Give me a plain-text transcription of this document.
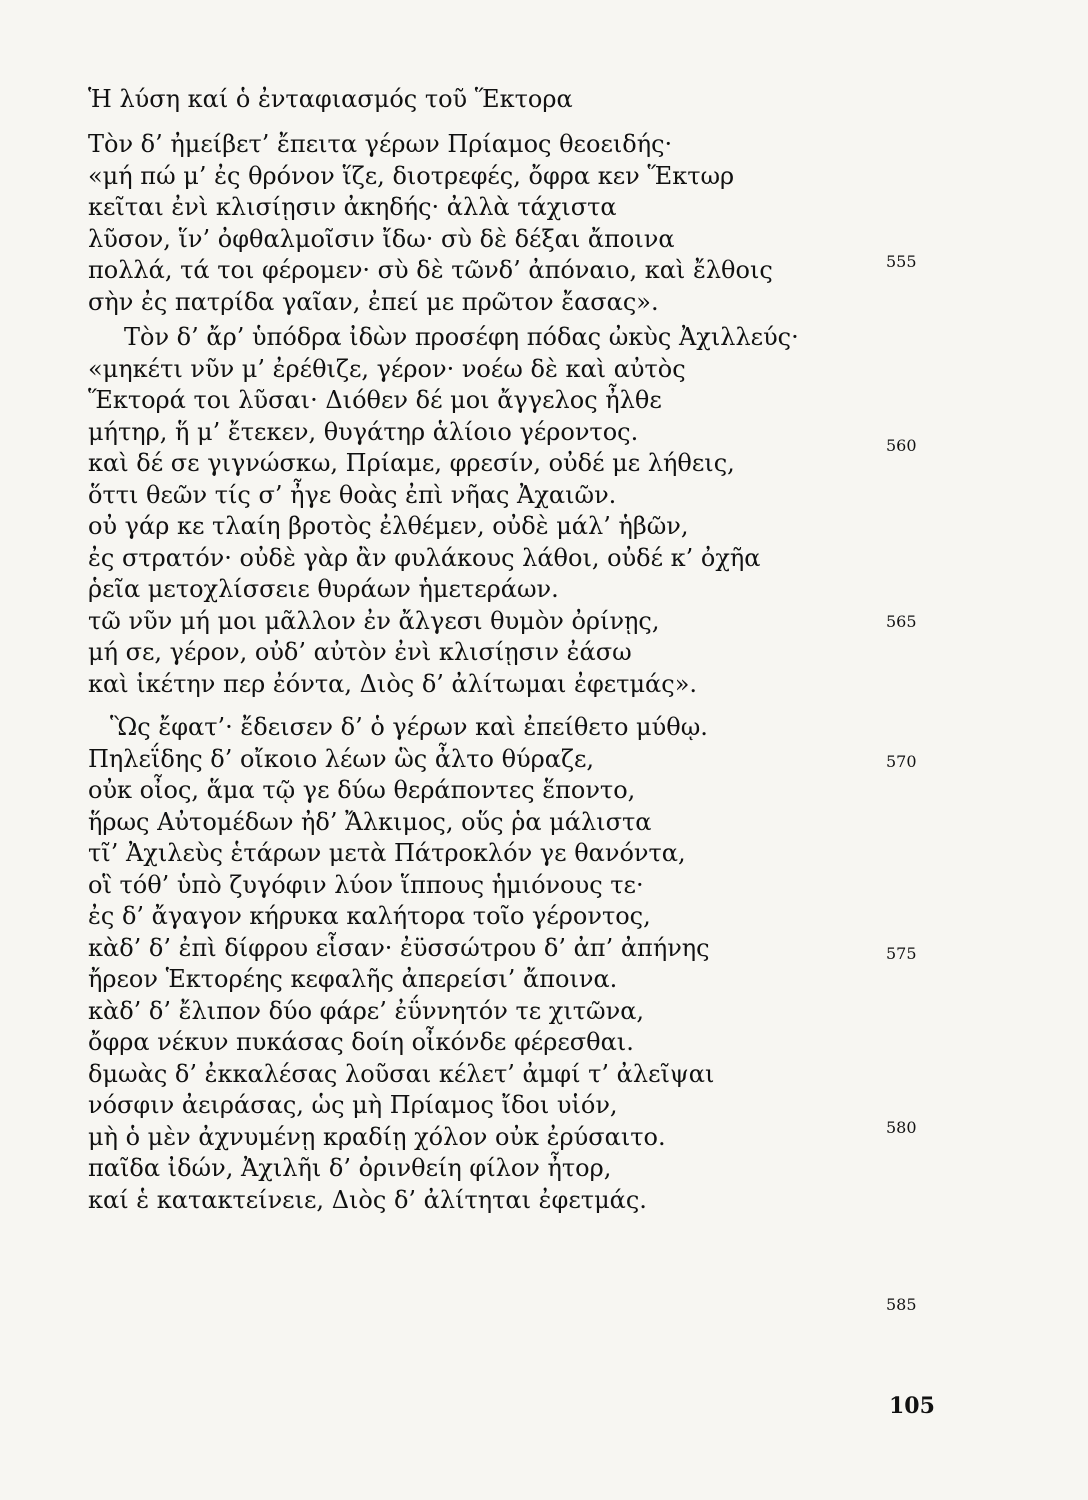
Ἡ λύση καί ὁ ἐνταφιασμός τοῦ Ἕκτορα
Τὸν δ’ ἠμείβετ’ ἔπειτα γέρων Πρίαμος θεοειδής·
«μή πώ μ’ ἐς θρόνον ἵζε, διοτρεφές, ὄφρα κεν Ἕκτωρ
κεῖται ἐνὶ κλισίῃσιν ἀκηδής· ἀλλὰ τάχιστα
λῦσον, ἵν’ ὀφθαλμοῖσιν ἴδω· σὺ δὲ δέξαι ἄποινα
πολλά, τά τοι φέρομεν· σὺ δὲ τῶνδ’ ἀπόναιο, καὶ ἔλθοις
σὴν ἐς πατρίδα γαῖαν, ἐπεί με πρῶτον ἔασας».
Τὸν δ’ ἄρ’ ὑπόδρα ἰδὼν προσέφη πόδας ὠκὺς Ἀχιλλεύς·
«μηκέτι νῦν μ’ ἐρέθιζε, γέρον· νοέω δὲ καὶ αὐτὸς
Ἕκτορά τοι λῦσαι· Διόθεν δέ μοι ἄγγελος ἦλθε
μήτηρ, ἥ μ’ ἔτεκεν, θυγάτηρ ἁλίοιο γέροντος.
καὶ δέ σε γιγνώσκω, Πρίαμε, φρεσίν, οὐδέ με λήθεις,
ὅττι θεῶν τίς σ’ ἦγε θοὰς ἐπὶ νῆας Ἀχαιῶν.
οὐ γάρ κε τλαίη βροτὸς ἐλθέμεν, οὐδὲ μάλ’ ἡβῶν,
ἐς στρατόν· οὐδὲ γὰρ ἂν φυλάκους λάθοι, οὐδέ κ’ ὀχῆα
ῥεῖα μετοχλίσσειε θυράων ἡμετεράων.
τῶ νῦν μή μοι μᾶλλον ἐν ἄλγεσι θυμὸν ὀρίνῃς,
μή σε, γέρον, οὐδ’ αὐτὸν ἐνὶ κλισίῃσιν ἐάσω
καὶ ἱκέτην περ ἐόντα, Διὸς δ’ ἀλίτωμαι ἐφετμάς».
Ὣς ἔφατ’· ἔδεισεν δ’ ὁ γέρων καὶ ἐπείθετο μύθῳ.
Πηλεΐδης δ’ οἴκοιο λέων ὣς ἆλτο θύραζε,
οὐκ οἶος, ἅμα τῷ γε δύω θεράποντες ἕποντο,
ἥρως Αὐτομέδων ἠδ’ Ἄλκιμος, οὕς ῥα μάλιστα
τῖ’ Ἀχιλεὺς ἑτάρων μετὰ Πάτροκλόν γε θανόντα,
οἳ τόθ’ ὑπὸ ζυγόφιν λύον ἵππους ἡμιόνους τε·
ἐς δ’ ἄγαγον κήρυκα καλήτορα τοῖο γέροντος,
κὰδ’ δ’ ἐπὶ δίφρου εἷσαν· ἐϋσσώτρου δ’ ἀπ’ ἀπήνης
ἤρεον Ἑκτορέης κεφαλῆς ἀπερείσι’ ἄποινα.
κὰδ’ δ’ ἔλιπον δύο φάρε’ ἐΰννητόν τε χιτῶνα,
ὄφρα νέκυν πυκάσας δοίη οἶκόνδε φέρεσθαι.
δμωὰς δ’ ἐκκαλέσας λοῦσαι κέλετ’ ἀμφί τ’ ἀλεῖψαι
νόσφιν ἀειράσας, ὡς μὴ Πρίαμος ἴδοι υἱόν,
μὴ ὁ μὲν ἀχνυμένῃ κραδίῃ χόλον οὐκ ἐρύσαιτο.
παῖδα ἰδών, Ἀχιλῆι δ’ ὀρινθείη φίλον ἦτορ,
καί ἑ κατακτείνειε, Διὸς δ’ ἀλίτηται ἐφετμάς.
555
560
565
570
575
580
585
105
